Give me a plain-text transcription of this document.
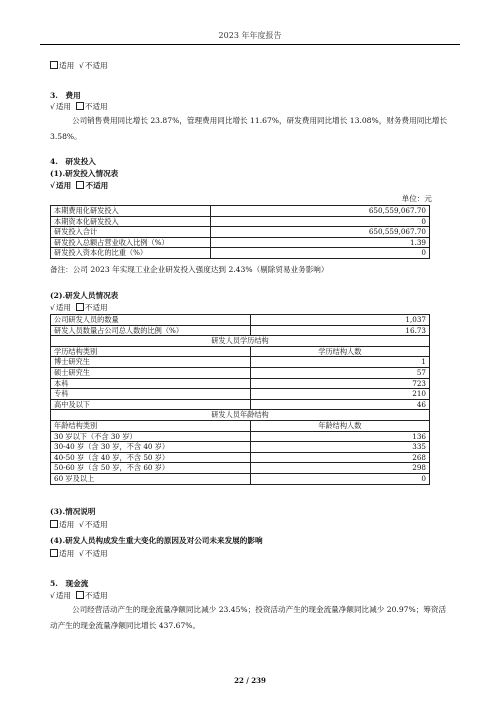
2023 年年度报告
适用 √不适用
3.　费用
√适用 不适用
公司销售费用同比增长 23.87%，管理费用同比增长 11.67%，研发费用同比增长 13.08%，财务费用同比增长 3.58%。
4.　研发投入
(1).研发投入情况表
√适用 不适用
单位：元
本期费用化研发投入	650,559,067.70
本期资本化研发投入	0
研发投入合计	650,559,067.70
研发投入总额占营业收入比例（%）	1.39
研发投入资本化的比重（%）	0
备注：公司 2023 年实现工业企业研发投入强度达到 2.43%（剔除贸易业务影响）
(2).研发人员情况表
√适用 不适用
公司研发人员的数量	1,037
研发人员数量占公司总人数的比例（%）	16.73
研发人员学历结构	
学历结构类别	学历结构人数
博士研究生	1
硕士研究生	57
本科	723
专科	210
高中及以下	46
研发人员年龄结构	
年龄结构类别	年龄结构人数
30 岁以下（不含 30 岁）	136
30-40 岁（含 30 岁，不含 40 岁）	335
40-50 岁（含 40 岁，不含 50 岁）	268
50-60 岁（含 50 岁，不含 60 岁）	298
60 岁及以上	0
(3).情况说明
适用 √不适用
(4).研发人员构成发生重大变化的原因及对公司未来发展的影响
适用 √不适用
5.　现金流
√适用 不适用
公司经营活动产生的现金流量净额同比减少 23.45%；投资活动产生的现金流量净额同比减少 20.97%；筹资活动产生的现金流量净额同比增长 437.67%。
22 / 239
